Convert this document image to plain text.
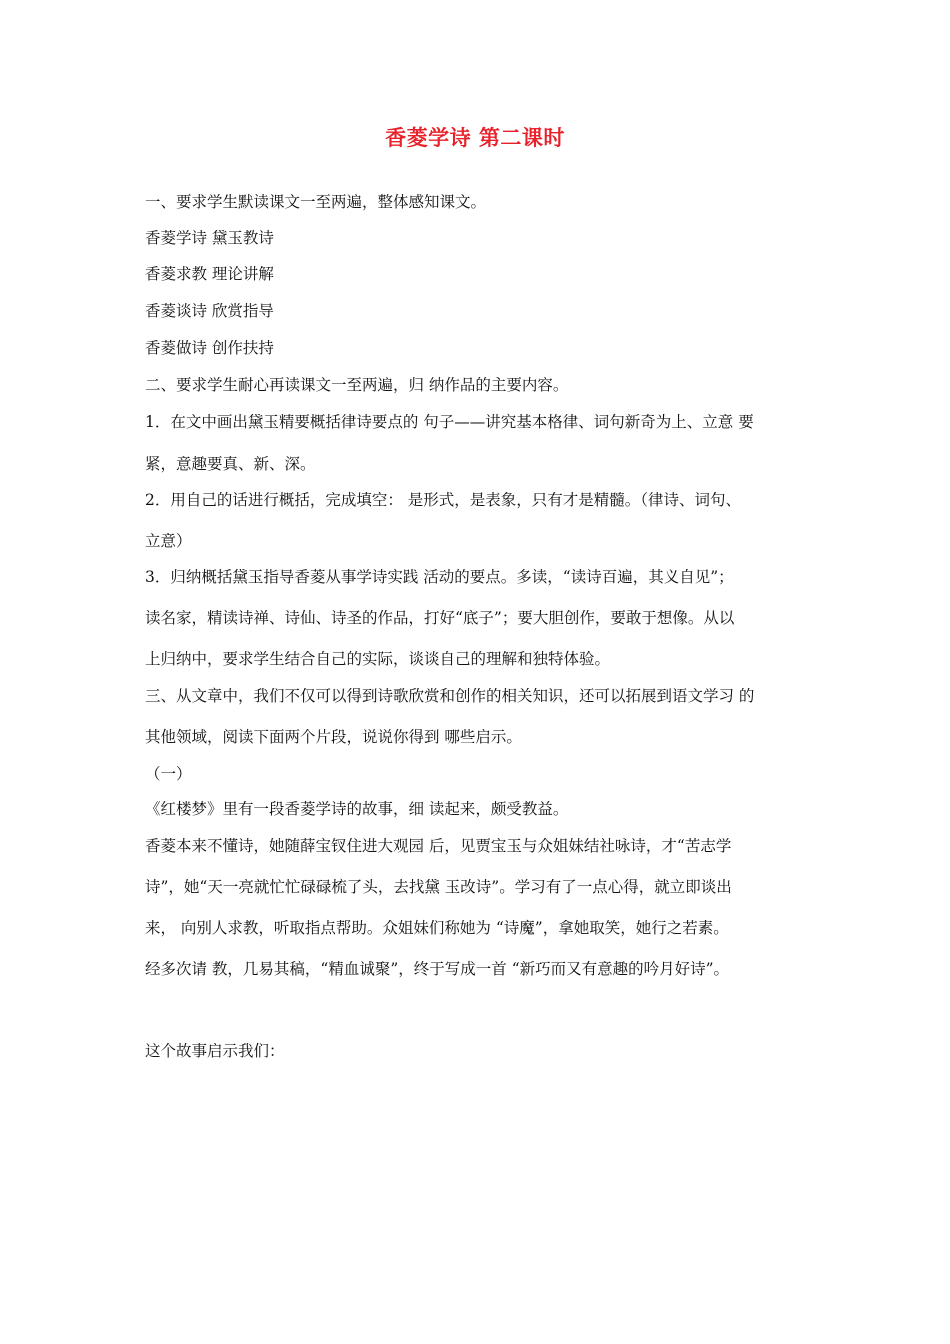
香菱学诗 第二课时
一、要求学生默读课文一至两遍，整体感知课文。
香菱学诗 黛玉教诗
香菱求教 理论讲解
香菱谈诗 欣赏指导
香菱做诗 创作扶持
二、要求学生耐心再读课文一至两遍，归 纳作品的主要内容。
1．在文中画出黛玉精要概括律诗要点的 句子——讲究基本格律、词句新奇为上、立意 要
紧，意趣要真、新、深。
2．用自己的话进行概括，完成填空： 是形式，是表象，只有才是精髓。（律诗、词句、
立意）
3．归纳概括黛玉指导香菱从事学诗实践 活动的要点。多读，“读诗百遍，其义自见”；
读名家，精读诗禅、诗仙、诗圣的作品，打好“底子”；要大胆创作，要敢于想像。从以
上归纳中，要求学生结合自己的实际，谈谈自己的理解和独特体验。
三、从文章中，我们不仅可以得到诗歌欣赏和创作的相关知识，还可以拓展到语文学习 的
其他领域，阅读下面两个片段，说说你得到 哪些启示。
（一）
《红楼梦》里有一段香菱学诗的故事，细 读起来，颇受教益。
香菱本来不懂诗，她随薛宝钗住进大观园 后，见贾宝玉与众姐妹结社咏诗，才“苦志学
诗”，她“天一亮就忙忙碌碌梳了头，去找黛 玉改诗”。学习有了一点心得，就立即谈出
来， 向别人求教，听取指点帮助。众姐妹们称她为 “诗魔”，拿她取笑，她行之若素。
经多次请 教，几易其稿，“精血诚聚”，终于写成一首 “新巧而又有意趣的吟月好诗”。
这个故事启示我们：
